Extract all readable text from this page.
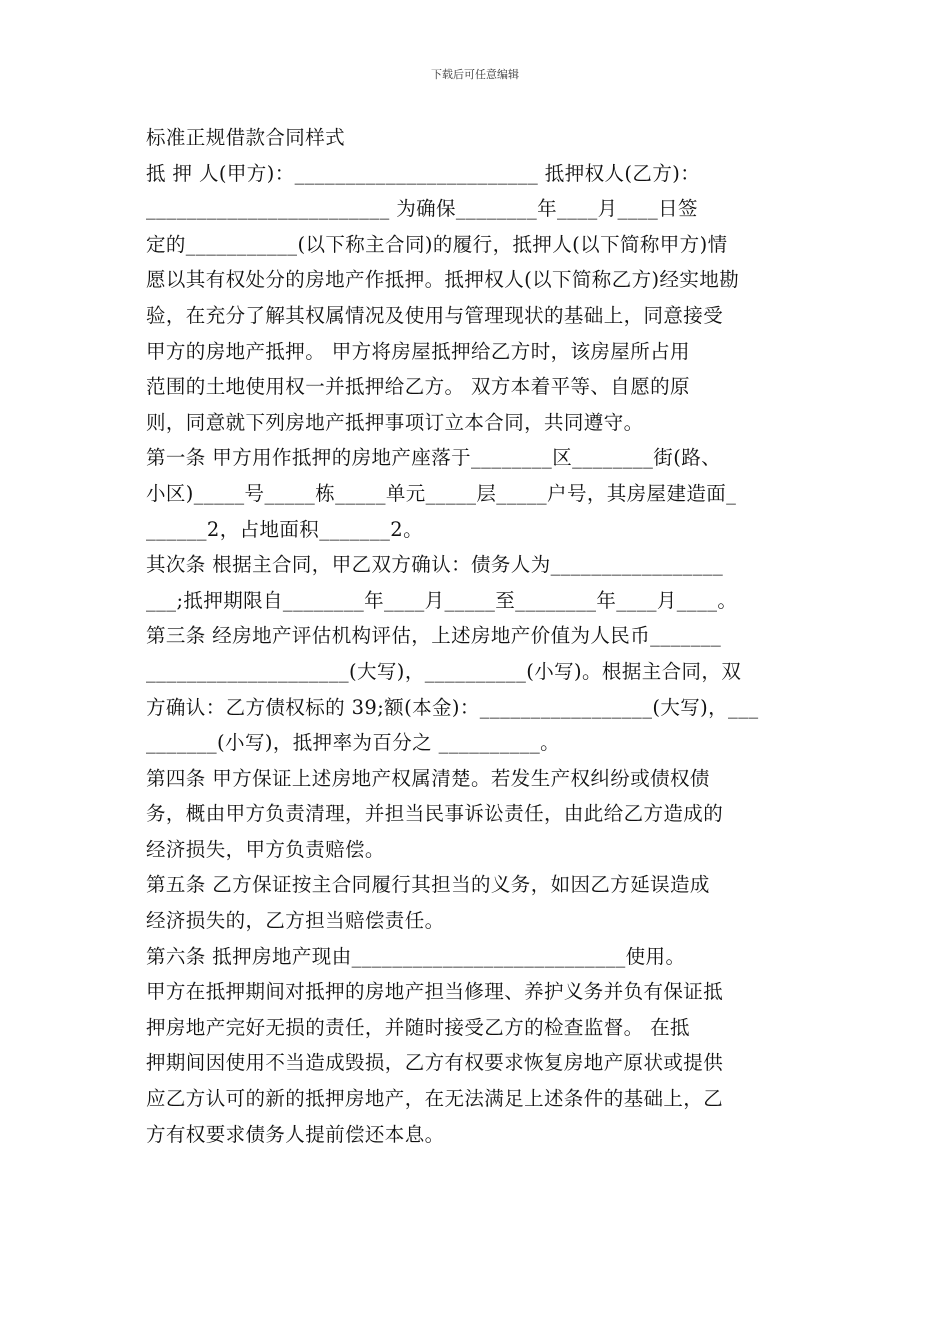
下载后可任意编辑
标准正规借款合同样式
抵 押 人(甲方)：________________________ 抵押权人(乙方)：
________________________ 为确保________年____月____日签
定的___________(以下称主合同)的履行，抵押人(以下简称甲方)情
愿以其有权处分的房地产作抵押。抵押权人(以下简称乙方)经实地勘
验，在充分了解其权属情况及使用与管理现状的基础上，同意接受
甲方的房地产抵押。 甲方将房屋抵押给乙方时，该房屋所占用
范围的土地使用权一并抵押给乙方。 双方本着平等、自愿的原
则，同意就下列房地产抵押事项订立本合同，共同遵守。
第一条 甲方用作抵押的房地产座落于________区________街(路、
小区)_____号_____栋_____单元_____层_____户号，其房屋建造面_
______2，占地面积_______2。
其次条 根据主合同，甲乙双方确认：债务人为_________________
___;抵押期限自________年____月_____至________年____月____。
第三条 经房地产评估机构评估，上述房地产价值为人民币_______
____________________(大写)，__________(小写)。根据主合同，双
方确认：乙方债权标的 39;额(本金)：_________________(大写)，___
_______(小写)，抵押率为百分之 __________。
第四条 甲方保证上述房地产权属清楚。若发生产权纠纷或债权债
务，概由甲方负责清理，并担当民事诉讼责任，由此给乙方造成的
经济损失，甲方负责赔偿。
第五条 乙方保证按主合同履行其担当的义务，如因乙方延误造成
经济损失的，乙方担当赔偿责任。
第六条 抵押房地产现由___________________________使用。
甲方在抵押期间对抵押的房地产担当修理、养护义务并负有保证抵
押房地产完好无损的责任，并随时接受乙方的检查监督。 在抵
押期间因使用不当造成毁损，乙方有权要求恢复房地产原状或提供
应乙方认可的新的抵押房地产，在无法满足上述条件的基础上，乙
方有权要求债务人提前偿还本息。
